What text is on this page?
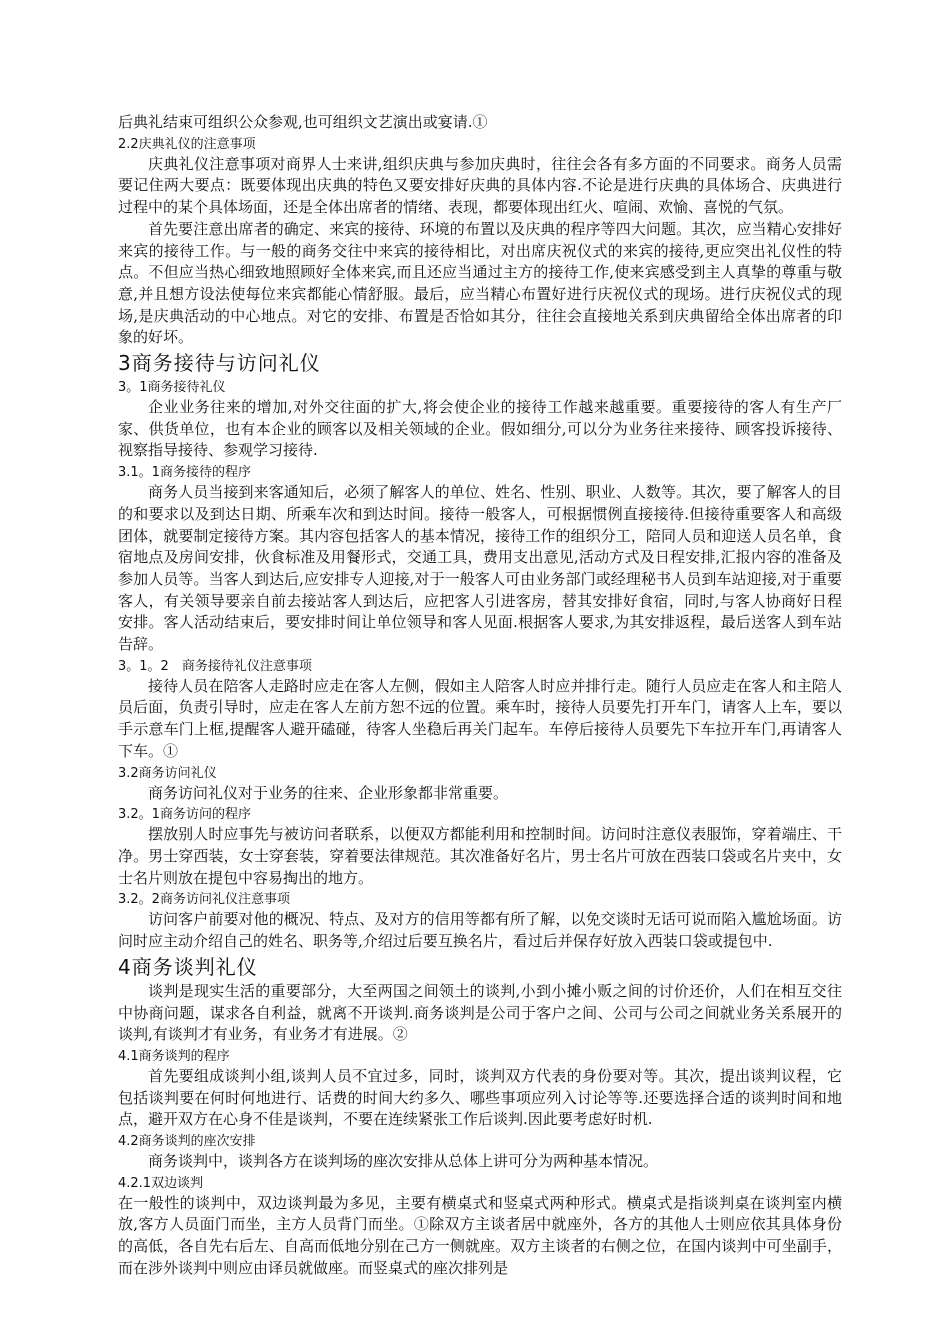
后典礼结束可组织公众参观,也可组织文艺演出或宴请.①

2.2庆典礼仪的注意事项

庆典礼仪注意事项对商界人士来讲,组织庆典与参加庆典时，往往会各有多方面的不同要求。商务人员需要记住两大要点：既要体现出庆典的特色又要安排好庆典的具体内容.不论是进行庆典的具体场合、庆典进行过程中的某个具体场面，还是全体出席者的情绪、表现，都要体现出红火、喧闹、欢愉、喜悦的气氛。

首先要注意出席者的确定、来宾的接待、环境的布置以及庆典的程序等四大问题。其次，应当精心安排好来宾的接待工作。与一般的商务交往中来宾的接待相比，对出席庆祝仪式的来宾的接待,更应突出礼仪性的特点。不但应当热心细致地照顾好全体来宾,而且还应当通过主方的接待工作,使来宾感受到主人真挚的尊重与敬意,并且想方设法使每位来宾都能心情舒服。最后，应当精心布置好进行庆祝仪式的现场。进行庆祝仪式的现场,是庆典活动的中心地点。对它的安排、布置是否恰如其分，往往会直接地关系到庆典留给全体出席者的印象的好坏。

3商务接待与访问礼仪
3。1商务接待礼仪

企业业务往来的增加,对外交往面的扩大,将会使企业的接待工作越来越重要。重要接待的客人有生产厂家、供货单位，也有本企业的顾客以及相关领域的企业。假如细分,可以分为业务往来接待、顾客投诉接待、视察指导接待、参观学习接待.

3.1。1商务接待的程序

商务人员当接到来客通知后，必须了解客人的单位、姓名、性别、职业、人数等。其次，要了解客人的目的和要求以及到达日期、所乘车次和到达时间。接待一般客人，可根据惯例直接接待.但接待重要客人和高级团体，就要制定接待方案。其内容包括客人的基本情况，接待工作的组织分工，陪同人员和迎送人员名单，食宿地点及房间安排，伙食标准及用餐形式，交通工具，费用支出意见,活动方式及日程安排,汇报内容的准备及参加人员等。当客人到达后,应安排专人迎接,对于一般客人可由业务部门或经理秘书人员到车站迎接,对于重要客人，有关领导要亲自前去接站客人到达后，应把客人引进客房，替其安排好食宿，同时,与客人协商好日程安排。客人活动结束后，要安排时间让单位领导和客人见面.根据客人要求,为其安排返程，最后送客人到车站告辞。

3。1。2　商务接待礼仪注意事项

接待人员在陪客人走路时应走在客人左侧，假如主人陪客人时应并排行走。随行人员应走在客人和主陪人员后面，负责引导时，应走在客人左前方恕不远的位置。乘车时，接待人员要先打开车门，请客人上车，要以手示意车门上框,提醒客人避开磕碰，待客人坐稳后再关门起车。车停后接待人员要先下车拉开车门,再请客人下车。①

3.2商务访问礼仪

商务访问礼仪对于业务的往来、企业形象都非常重要。

3.2。1商务访问的程序

摆放别人时应事先与被访问者联系，以便双方都能利用和控制时间。访问时注意仪表服饰，穿着端庄、干净。男士穿西装，女士穿套装，穿着要法律规范。其次准备好名片，男士名片可放在西装口袋或名片夹中，女士名片则放在提包中容易掏出的地方。

3.2。2商务访问礼仪注意事项

访问客户前要对他的概况、特点、及对方的信用等都有所了解，以免交谈时无话可说而陷入尴尬场面。访问时应主动介绍自己的姓名、职务等,介绍过后要互换名片，看过后并保存好放入西装口袋或提包中.

4商务谈判礼仪

谈判是现实生活的重要部分，大至两国之间领土的谈判,小到小摊小贩之间的讨价还价，人们在相互交往中协商问题，谋求各自利益，就离不开谈判.商务谈判是公司于客户之间、公司与公司之间就业务关系展开的谈判,有谈判才有业务，有业务才有进展。②

4.1商务谈判的程序

首先要组成谈判小组,谈判人员不宜过多，同时，谈判双方代表的身份要对等。其次，提出谈判议程，它包括谈判要在何时何地进行、话费的时间大约多久、哪些事项应列入讨论等等.还要选择合适的谈判时间和地点，避开双方在心身不佳是谈判，不要在连续紧张工作后谈判.因此要考虑好时机.

4.2商务谈判的座次安排

商务谈判中，谈判各方在谈判场的座次安排从总体上讲可分为两种基本情况。

4.2.1双边谈判

在一般性的谈判中，双边谈判最为多见，主要有横桌式和竖桌式两种形式。横桌式是指谈判桌在谈判室内横放,客方人员面门而坐，主方人员背门而坐。①除双方主谈者居中就座外，各方的其他人士则应依其具体身份的高低，各自先右后左、自高而低地分别在己方一侧就座。双方主谈者的右侧之位，在国内谈判中可坐副手，而在涉外谈判中则应由译员就做座。而竖桌式的座次排列是
